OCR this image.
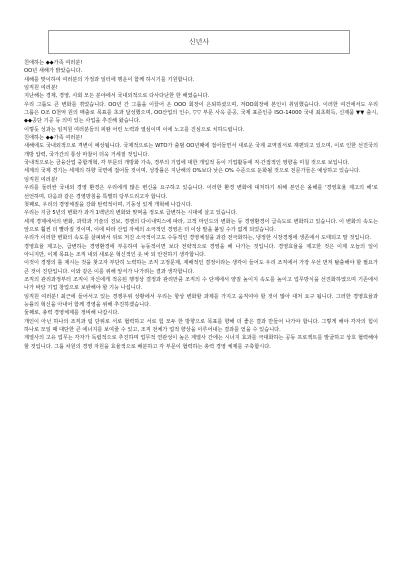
신년사

친애하는 ◆◆가족 여러분!

OO년 새해가 밝았습니다.

새해를 맞이하여 여러분의 가정과 일터에 행운이 함께 하시기를 기원합니다.

임직원 여러분!

지난해는 경제, 경영, 사회 모든 분야에서 국내외적으로 다사다난한 한 해였습니다.

우리 그룹도 큰 변화를 겪었습니다. OO년 간 그룹을 이끌어 온 OOO 회장이 은퇴하셨으며, 저OO회장에 본인이 취임했습니다. 이러한 여건에서도 우리 그룹은 O조 O천억 원의 매출로 목표를 초과 달성했으며, OO산업의 인수, ▽▽ 부문 사옥 준공, 국제 표준인증 ISO-14000 국내 최초획득, 신제품 ▼▼ 출시, ◆◆공단 기공 등 의미 있는 사업을 추진해 왔습니다.

이렇듯 성과는 임직원 여러분들의 피땀 어린 노력과 열심이며 이에 노고를 진심으로 치하드립니다.

친애하는 ◆◆가족 여러분!

새해에도 국내외적으로 격변이 예상됩니다. 국제적으로는 WTO가 출범 OO년째에 접어들면서 새로운 국제 교역질서로 재편되고 있으며, 이로 인한 선진국의 개방 압력, 국가간의 통상 마찰이 더욱 거세질 것입니다.

국내적으로는 금융산업 중합개혁, 각 부문의 개방화 가속, 경부의 기업에 대한 개입적 등이 기업활동에 직·간접적인 영향을 미칠 것으로 보입니다.

세계의 국제 경기는 세계의 하향 국면에 접어들 것이며, 성장률은 지난해의 O%보다 낮은 O% 수준으로 둔화될 것으로 전문가들은 예상하고 있습니다.

임직원 여러분!

우리를 둘러싼 국내외 경영 환경은 우리에게 많은 변신을 요구하고 있습니다. 이러한 환경 변화에 대처하기 위해 본인은 올해를 '경영효율 제고의 해'로 선언하며, 다음과 같은 경영방침을 특별히 당부드리고자 합니다.

첫째로, 우리의 경영체질을 강화 탄력적이며, 기동성 있게 개혁해 나갑시다.

우리는 지금 5년의 변화가 과거 1백년의 변화와 맞먹을 정도로 급변하는 시대에 살고 있습니다.

세계 경제에서의 변화, 과학과 기술의 진보, 경쟁의 다이내믹스에 따라, 고객 마인드의 변화는 등 경영환경이 급속도로 변화하고 있습니다. 이 변화의 속도는 앞으로 훨씬 더 빨라질 것이며, 이에 따라 산업 자체의 소극적인 경영은 더 이상 발을 붙일 수가 없게 되었습니다.

우리가 이러한 변화의 속도를 살펴봐서 뒤로 처진 소극적이고도 수동적인 경영체질을 과감 전극화하는, 냉정한 시장경쟁에 생존에서 도태되고 말 것입니다.

경영효율 제고는, 급변하는 경영환경에 부응하여 능동적이면 보다 전략적으로 경영을 해 나가는 것입니다. 경영효율을 제고한 것은 이제 오늘의 일이 아니지만, 이제 목표는 조직 내외 새로운 혁신적인 옷 바 되 안전하기 생각합니다.

이것이 경쟁의 틀 제시는 것을 찾고자 부단히 노력하는 조직 고정문제, 재배적인 결정이라는 생각이 들어도 우리 조직에서 가장 우선 먼저 탈출해야 할 필요가 큰 것이 진단입니다. 이와 같은 이를 위해 앞서가 나가려는 결과 생각합니다.

조직의 관리과정부터 조직이 자신에게 적응된 행정상 결정과 관리만큼 조직의 수 단계에서 양질 높이지 속도를 높이고 업무방식을 선진화하였으며 기존에서 나가 바탕 기업 창업으로 보완해야 할 기능 나섭니다.

임직원 여러분! 최근에 들어서고 있는 경쟁우위 상황에서 우리는 항상 변화할 과제를 가지고 움직여야 할 것이 많아 대처 요구 됩니다. 그러한 경영효율과 능률의 혁신을 아내어 함께 경영을 위해 추진하겠습니다.

둘째로, 총력 경영체제를 정비해 나갑시다.

개인이 아닌 하나의 조직과 팀 단위로 서로 협력하고 서로 힘 모두 한 방향으로 목표를 향해 더 좋은 결과 만들어 나가야 합니다. 그렇게 해야 각자의 힘이 하나로 모일 때 대단한 큰 에너지를 보여줄 수 있고, 조직 전체가 업적 향상을 이루어내는 결과를 얻을 수 있습니다.

계열사의 고유 업무는 각자가 독립적으로 추진하며 업무적 연관성이 높은 계열사 간에는 시너지 효과를 극대화하는 공동 프로젝트를 발굴하고 상호 협력해야 할 것입니다. 그룹 차원의 경영 자원을 효율적으로 배분하고 각 부문이 협력하는 총력 경영 체제를 구축합시다.
